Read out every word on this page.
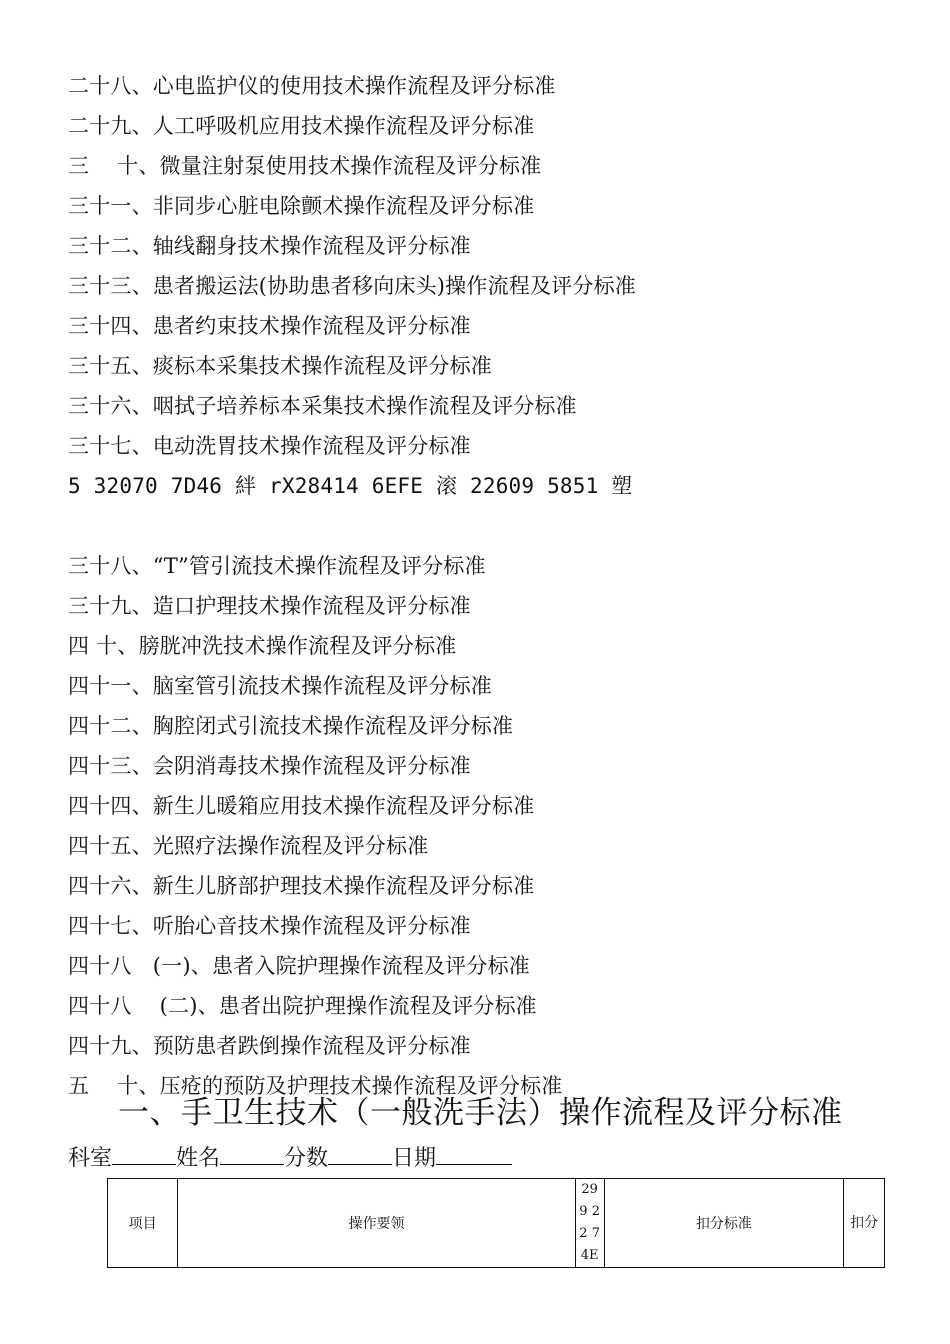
二十八、心电监护仪的使用技术操作流程及评分标准
二十九、人工呼吸机应用技术操作流程及评分标准
三　 十、微量注射泵使用技术操作流程及评分标准
三十一、非同步心脏电除颤术操作流程及评分标准
三十二、轴线翻身技术操作流程及评分标准
三十三、患者搬运法(协助患者移向床头)操作流程及评分标准
三十四、患者约束技术操作流程及评分标准
三十五、痰标本采集技术操作流程及评分标准
三十六、咽拭子培养标本采集技术操作流程及评分标准
三十七、电动洗胃技术操作流程及评分标准
5 32070 7D46 絆 rX28414 6EFE 滚 22609 5851 塑
三十八、“T”管引流技术操作流程及评分标准
三十九、造口护理技术操作流程及评分标准
四 十、膀胱冲洗技术操作流程及评分标准
四十一、脑室管引流技术操作流程及评分标准
四十二、胸腔闭式引流技术操作流程及评分标准
四十三、会阴消毒技术操作流程及评分标准
四十四、新生儿暖箱应用技术操作流程及评分标准
四十五、光照疗法操作流程及评分标准
四十六、新生儿脐部护理技术操作流程及评分标准
四十七、听胎心音技术操作流程及评分标准
四十八　(一)、患者入院护理操作流程及评分标准
四十八　 (二)、患者出院护理操作流程及评分标准
四十九、预防患者跌倒操作流程及评分标准
五　 十、压疮的预防及护理技术操作流程及评分标准
一、手卫生技术（一般洗手法）操作流程及评分标准
科室	姓名	分数	日期
项目	操作要领	299 22 74E	扣分标准	扣分
